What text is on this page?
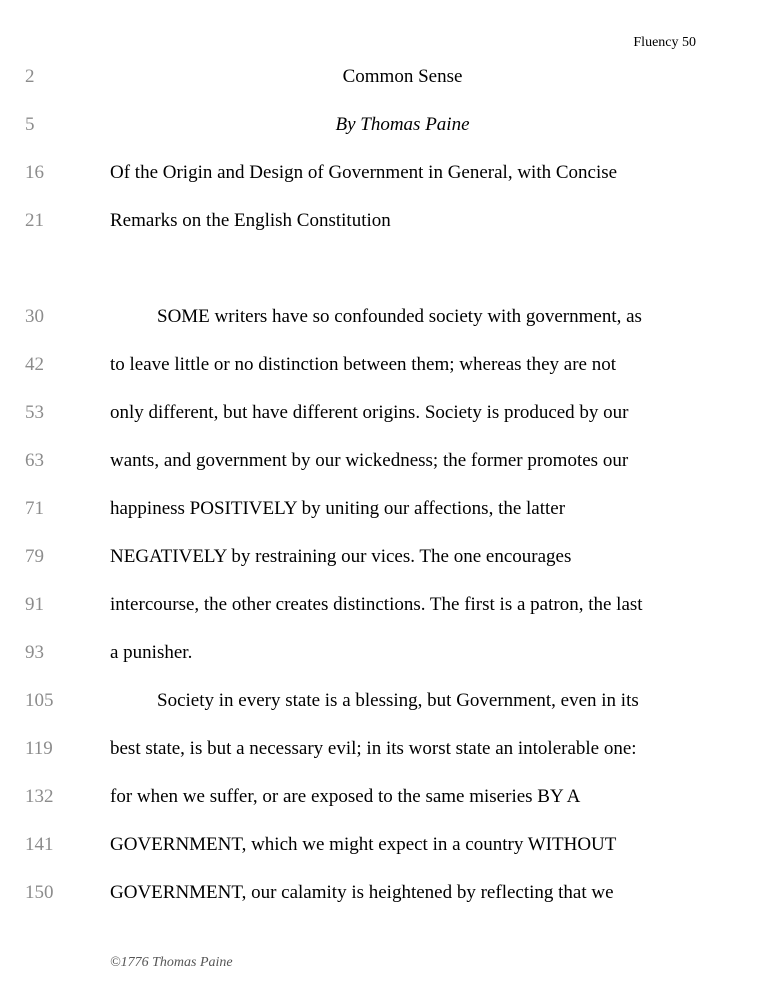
Fluency 50
2	Common Sense
5	By Thomas Paine
16	Of the Origin and Design of Government in General, with Concise
21	Remarks on the English Constitution
30	SOME writers have so confounded society with government, as
42	to leave little or no distinction between them; whereas they are not
53	only different, but have different origins. Society is produced by our
63	wants, and government by our wickedness; the former promotes our
71	happiness POSITIVELY by uniting our affections, the latter
79	NEGATIVELY by restraining our vices. The one encourages
91	intercourse, the other creates distinctions. The first is a patron, the last
93	a punisher.
105	Society in every state is a blessing, but Government, even in its
119	best state, is but a necessary evil; in its worst state an intolerable one:
132	for when we suffer, or are exposed to the same miseries BY A
141	GOVERNMENT, which we might expect in a country WITHOUT
150	GOVERNMENT, our calamity is heightened by reflecting that we
©1776 Thomas Paine
